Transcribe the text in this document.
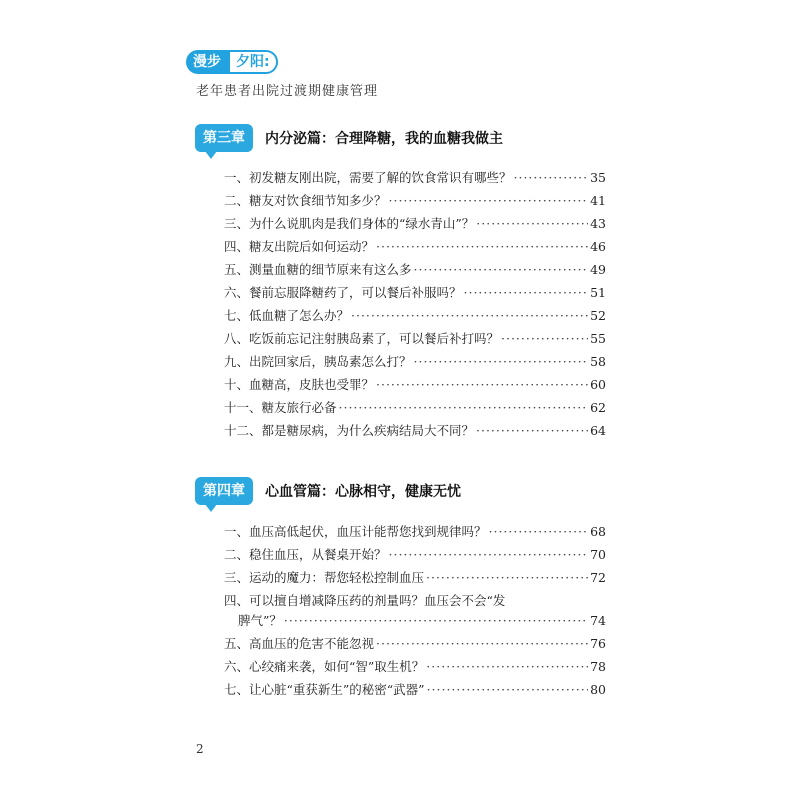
漫步	夕阳:
老年患者出院过渡期健康管理
第三章	内分泌篇：合理降糖，我的血糖我做主
一、初发糖友刚出院，需要了解的饮食常识有哪些？ ·····	35
二、糖友对饮食细节知多少？ ·····	41
三、为什么说肌肉是我们身体的“绿水青山”？ ·····	43
四、糖友出院后如何运动？ ·····	46
五、测量血糖的细节原来有这么多 ·····	49
六、餐前忘服降糖药了，可以餐后补服吗？ ·····	51
七、低血糖了怎么办？ ·····	52
八、吃饭前忘记注射胰岛素了，可以餐后补打吗？ ·····	55
九、出院回家后，胰岛素怎么打？ ·····	58
十、血糖高，皮肤也受罪？ ·····	60
十一、糖友旅行必备 ·····	62
十二、都是糖尿病，为什么疾病结局大不同？ ·····	64
第四章	心血管篇：心脉相守，健康无忧
一、血压高低起伏，血压计能帮您找到规律吗？ ·····	68
二、稳住血压，从餐桌开始？ ·····	70
三、运动的魔力：帮您轻松控制血压 ·····	72
四、可以擅自增减降压药的剂量吗？血压会不会“发
脾气”？ ·····	74
五、高血压的危害不能忽视 ·····	76
六、心绞痛来袭，如何“智”取生机？ ·····	78
七、让心脏“重获新生”的秘密“武器” ·····	80
2
